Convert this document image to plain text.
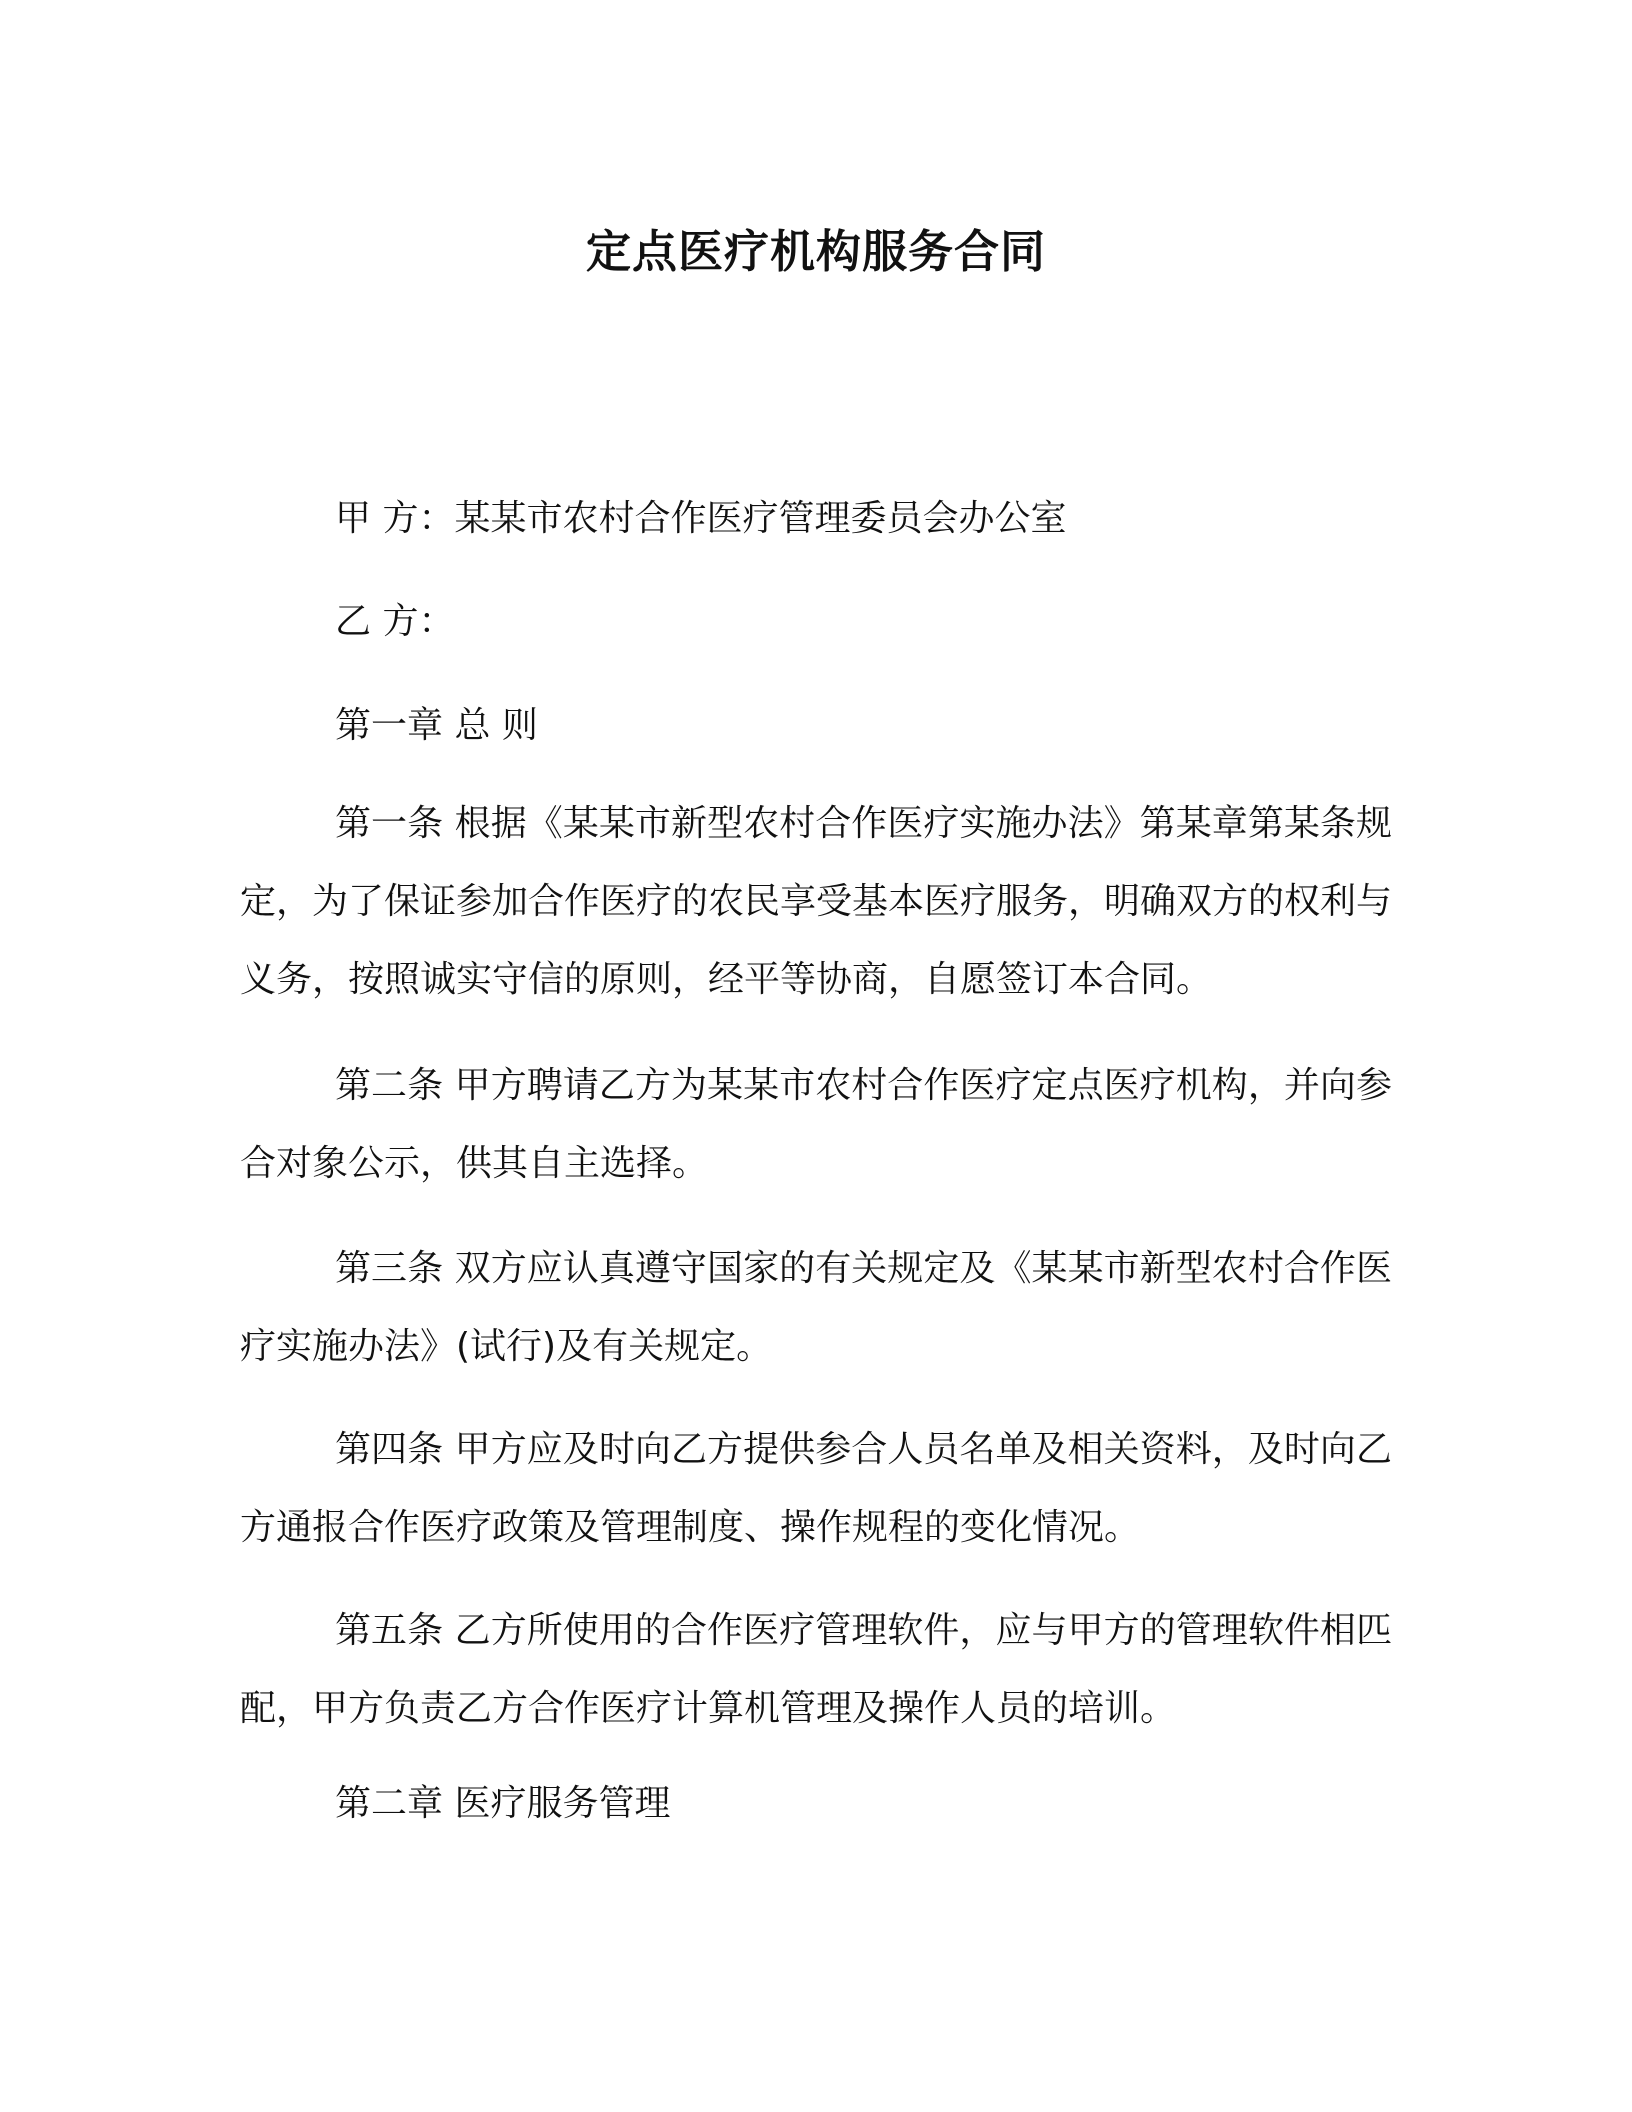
定点医疗机构服务合同
甲 方：某某市农村合作医疗管理委员会办公室
乙 方：
第一章 总 则
第一条 根据《某某市新型农村合作医疗实施办法》第某章第某条规定，为了保证参加合作医疗的农民享受基本医疗服务，明确双方的权利与义务，按照诚实守信的原则，经平等协商，自愿签订本合同。
第二条 甲方聘请乙方为某某市农村合作医疗定点医疗机构，并向参合对象公示，供其自主选择。
第三条 双方应认真遵守国家的有关规定及《某某市新型农村合作医疗实施办法》(试行)及有关规定。
第四条 甲方应及时向乙方提供参合人员名单及相关资料，及时向乙方通报合作医疗政策及管理制度、操作规程的变化情况。
第五条 乙方所使用的合作医疗管理软件，应与甲方的管理软件相匹配，甲方负责乙方合作医疗计算机管理及操作人员的培训。
第二章 医疗服务管理
